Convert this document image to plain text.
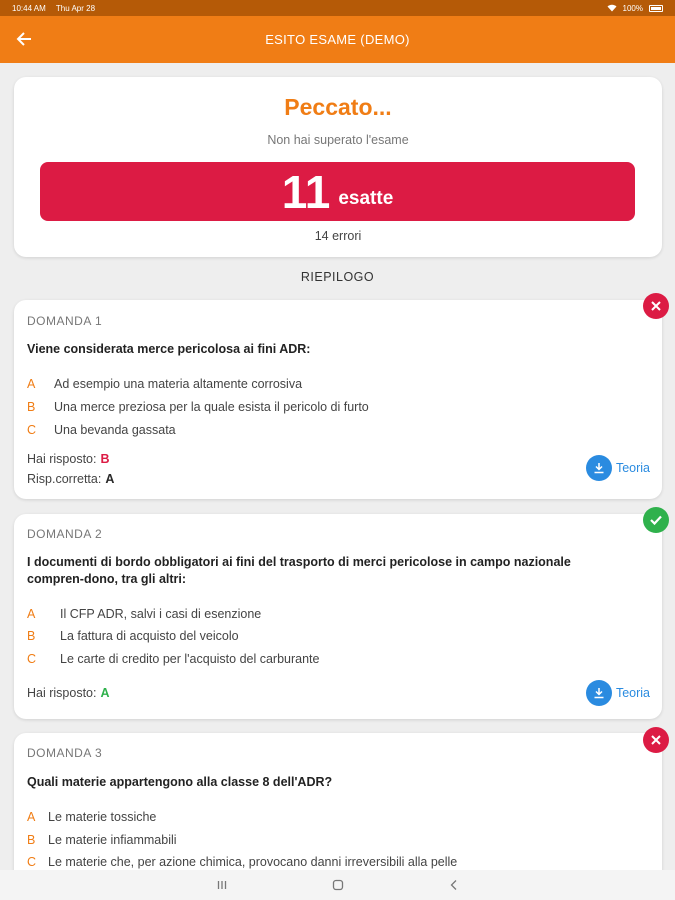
10:44 AM Thu Apr 28	100%
ESITO ESAME (DEMO)
Peccato...
Non hai superato l'esame
11 esatte
14 errori
RIEPILOGO
DOMANDA 1
Viene considerata merce pericolosa ai fini ADR:
A	Ad esempio una materia altamente corrosiva
B	Una merce preziosa per la quale esista il pericolo di furto
C	Una bevanda gassata
Hai risposto: B
Risp.corretta: A
Teoria
DOMANDA 2
I documenti di bordo obbligatori ai fini del trasporto di merci pericolose in campo nazionale compren-dono, tra gli altri:
A	Il CFP ADR, salvi i casi di esenzione
B	La fattura di acquisto del veicolo
C	Le carte di credito per l'acquisto del carburante
Hai risposto: A	Teoria
DOMANDA 3
Quali materie appartengono alla classe 8 dell'ADR?
A	Le materie tossiche
B	Le materie infiammabili
C Le materie che, per azione chimica, provocano danni irreversibili alla pelle
